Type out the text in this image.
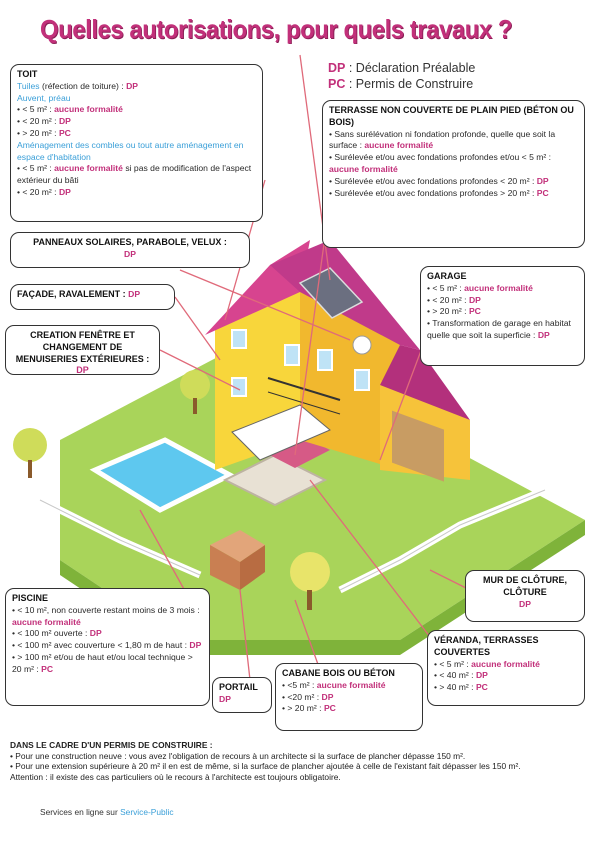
Quelles autorisations, pour quels travaux ?
DP : Déclaration Préalable
PC : Permis de Construire
TOIT
Tuiles (réfection de toiture) : DP
Auvent, préau
• < 5 m² : aucune formalité
• < 20 m² : DP
• > 20 m² : PC
Aménagement des combles ou tout autre aménagement en espace d'habitation
• < 5 m² : aucune formalité si pas de modification de l'aspect extérieur du bâti
• < 20 m² : DP
TERRASSE NON COUVERTE DE PLAIN PIED (BÉTON OU BOIS)
• Sans surélévation ni fondation profonde, quelle que soit la surface : aucune formalité
• Surélevée et/ou avec fondations profondes et/ou < 5 m² : aucune formalité
• Surélevée et/ou avec fondations profondes < 20 m² : DP
• Surélevée et/ou avec fondations profondes > 20 m² : PC
PANNEAUX SOLAIRES, PARABOLE, VELUX :
DP
FAÇADE, RAVALEMENT : DP
CREATION FENÊTRE ET CHANGEMENT DE MENUISERIES EXTÉRIEURES : DP
GARAGE
• < 5 m² : aucune formalité
• < 20 m² : DP
• > 20 m² : PC
• Transformation de garage en habitat quelle que soit la superficie : DP
MUR DE CLÔTURE, CLÔTURE
DP
PISCINE
• < 10 m², non couverte restant moins de 3 mois : aucune formalité
• < 100 m² ouverte : DP
• < 100 m² avec couverture < 1,80 m de haut : DP
• > 100 m² et/ou de haut et/ou local technique > 20 m² : PC
PORTAIL
DP
CABANE BOIS OU BÉTON
• <5 m² : aucune formalité
• <20 m² : DP
• > 20 m² : PC
VÉRANDA, TERRASSES COUVERTES
• < 5 m² : aucune formalité
• < 40 m² : DP
• > 40 m² : PC
DANS LE CADRE D'UN PERMIS DE CONSTRUIRE :
• Pour une construction neuve : vous avez l'obligation de recours à un architecte si la surface de plancher dépasse 150 m².
• Pour une extension supérieure à 20 m² il en est de même, si la surface de plancher ajoutée à celle de l'existant fait dépasser les 150 m².
Attention : il existe des cas particuliers où le recours à l'architecte est toujours obligatoire.
Services en ligne sur Service-Public
